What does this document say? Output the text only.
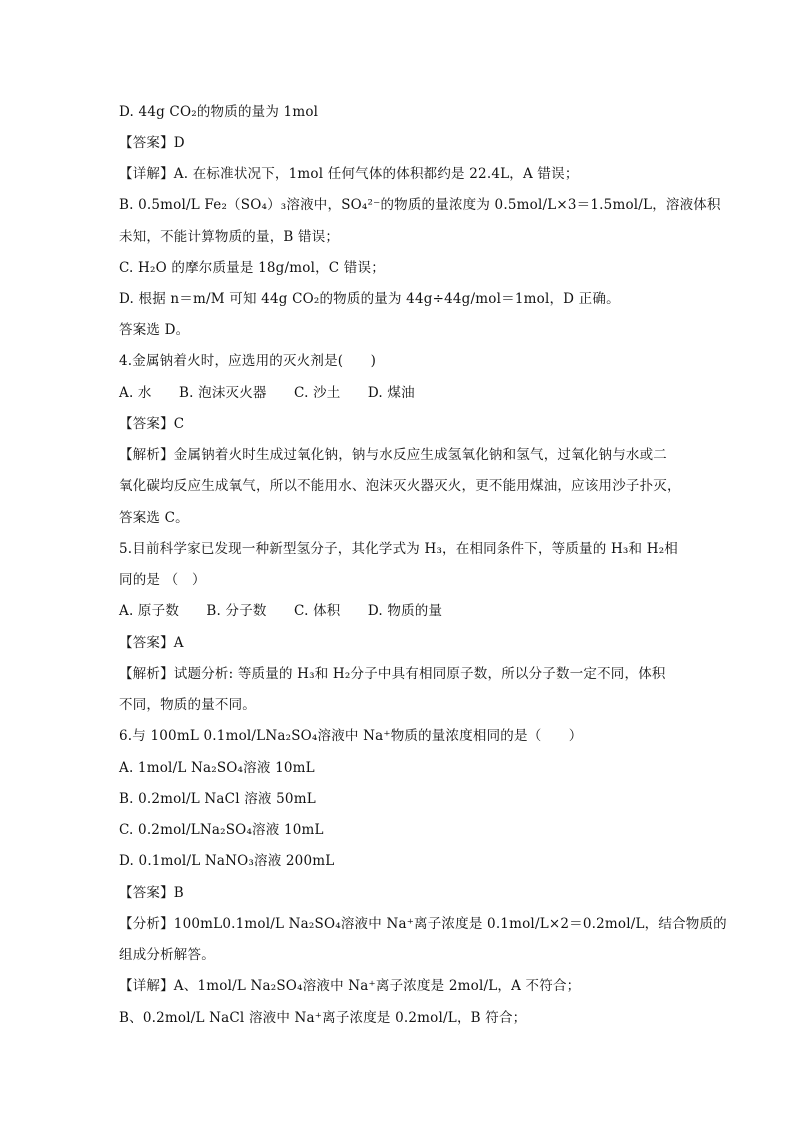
D. 44g CO₂的物质的量为 1mol
【答案】D
【详解】A. 在标准状况下，1mol 任何气体的体积都约是 22.4L，A 错误；
B. 0.5mol/L Fe₂（SO₄）₃溶液中，SO₄²⁻的物质的量浓度为 0.5mol/L×3＝1.5mol/L，溶液体积
未知，不能计算物质的量，B 错误；
C. H₂O 的摩尔质量是 18g/mol，C 错误；
D. 根据 n＝m/M 可知 44g CO₂的物质的量为 44g÷44g/mol＝1mol，D 正确。
答案选 D。
4.金属钠着火时，应选用的灭火剂是(　　)
A. 水　　B. 泡沫灭火器　　C. 沙土　　D. 煤油
【答案】C
【解析】金属钠着火时生成过氧化钠，钠与水反应生成氢氧化钠和氢气，过氧化钠与水或二
氧化碳均反应生成氧气，所以不能用水、泡沫灭火器灭火，更不能用煤油，应该用沙子扑灭，
答案选 C。
5.目前科学家已发现一种新型氢分子，其化学式为 H₃，在相同条件下，等质量的 H₃和 H₂相
同的是 （　）
A. 原子数　　B. 分子数　　C. 体积　　D. 物质的量
【答案】A
【解析】试题分析: 等质量的 H₃和 H₂分子中具有相同原子数，所以分子数一定不同，体积
不同，物质的量不同。
6.与 100mL 0.1mol/LNa₂SO₄溶液中 Na⁺物质的量浓度相同的是（　　）
A. 1mol/L Na₂SO₄溶液 10mL
B. 0.2mol/L NaCl 溶液 50mL
C. 0.2mol/LNa₂SO₄溶液 10mL
D. 0.1mol/L NaNO₃溶液 200mL
【答案】B
【分析】100mL0.1mol/L Na₂SO₄溶液中 Na⁺离子浓度是 0.1mol/L×2＝0.2mol/L，结合物质的
组成分析解答。
【详解】A、1mol/L Na₂SO₄溶液中 Na⁺离子浓度是 2mol/L，A 不符合；
B、0.2mol/L NaCl 溶液中 Na⁺离子浓度是 0.2mol/L，B 符合；
